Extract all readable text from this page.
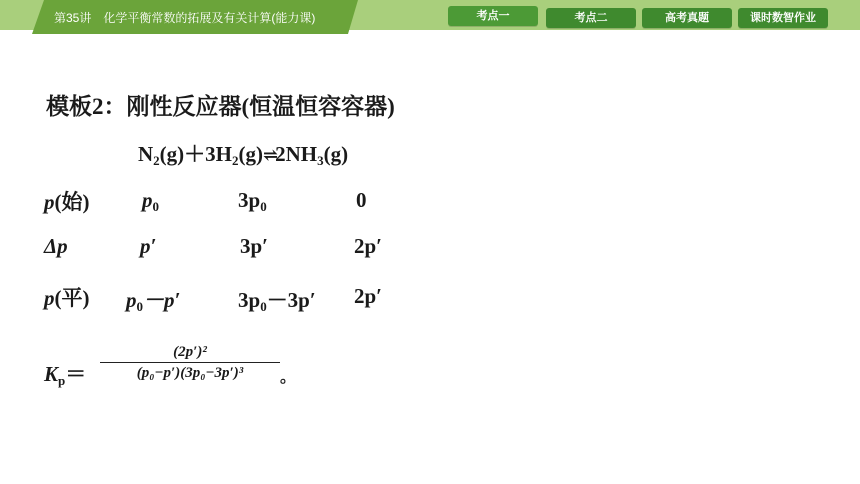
第35讲　化学平衡常数的拓展及有关计算(能力课)	考点一	考点二	高考真题	课时数智作业
模板2：刚性反应器(恒温恒容容器)
$N_2(g)+3H_2(g)\rightleftharpoons 2NH_3(g)$
p(始)	$p_0$	$3p_0$	0
Δp	p′	3p′	2p′
p(平) $p_0-p'$	$3p_0-3p'$ 2p′
$K_p=$
(2p′)²
(p₀−p′)(3p₀−3p′)³	。
